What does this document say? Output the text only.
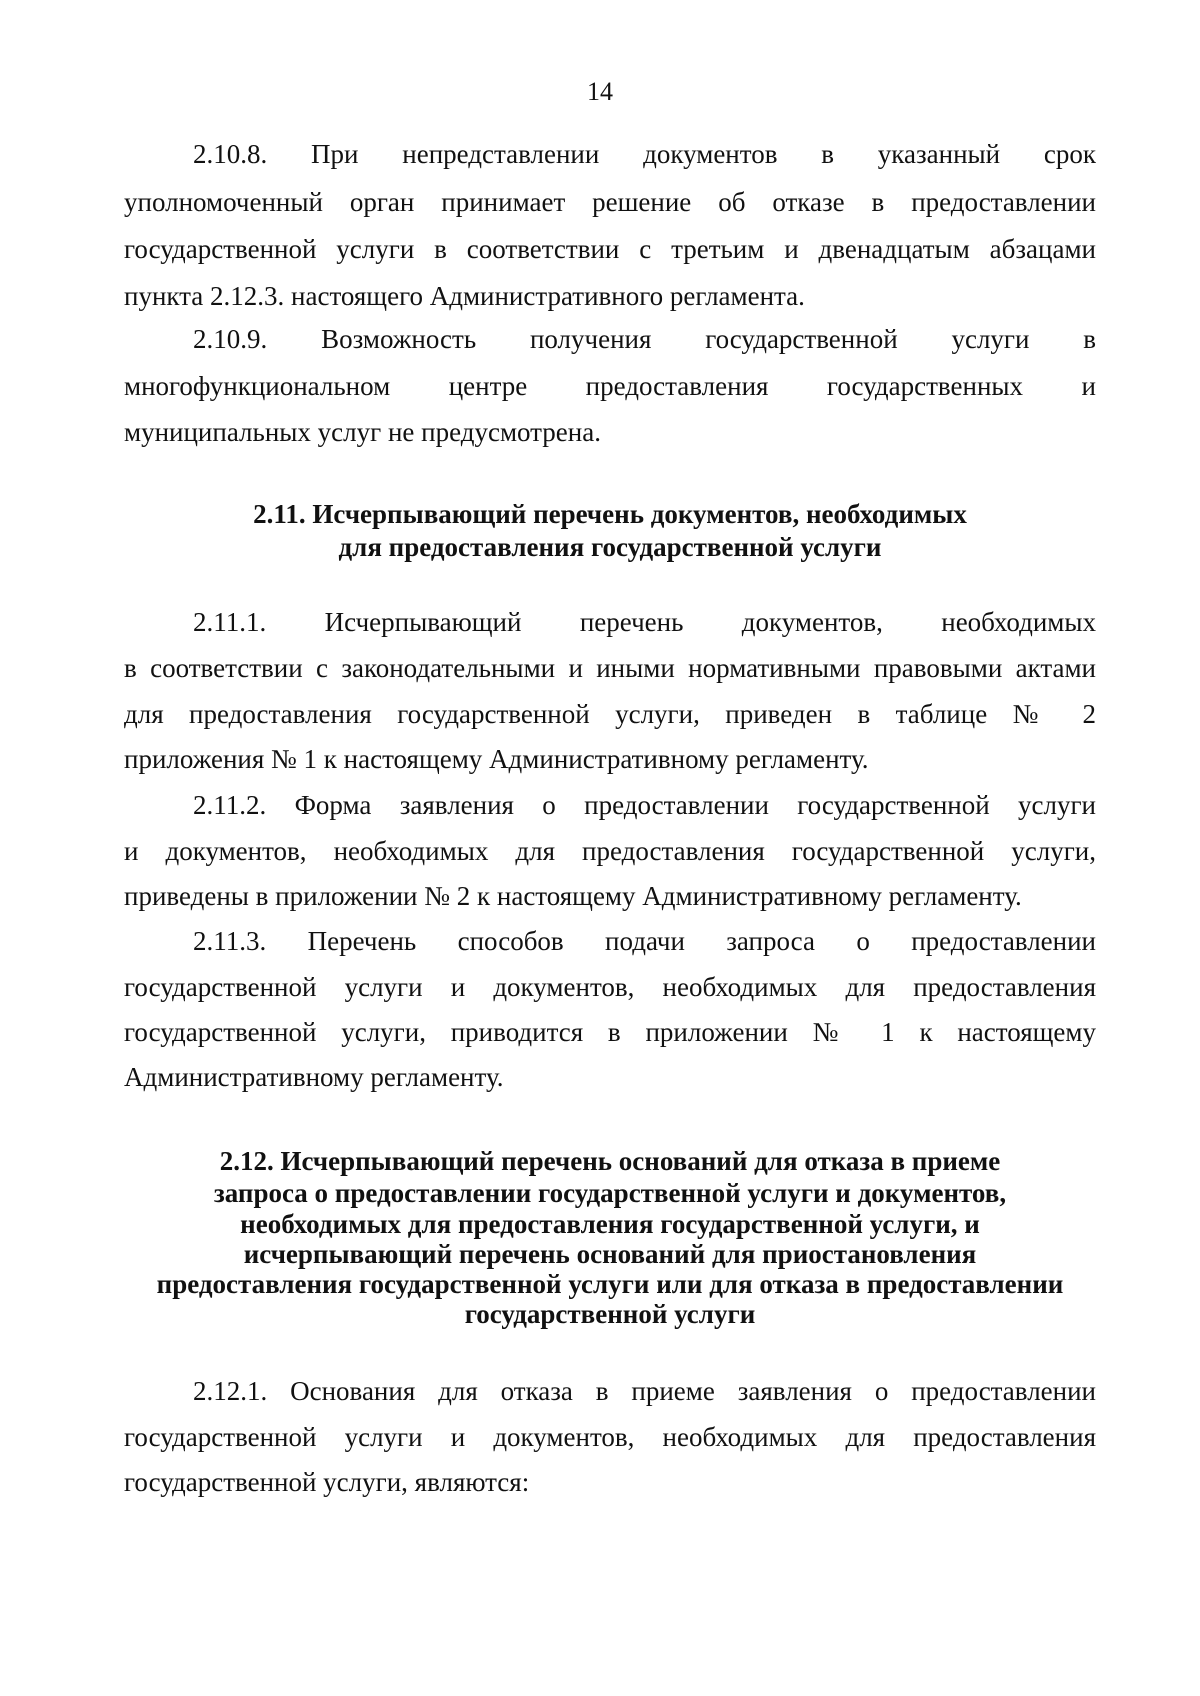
14
2.10.8. При непредставлении документов в указанный срок
уполномоченный орган принимает решение об отказе в предоставлении
государственной услуги в соответствии с третьим и двенадцатым абзацами
пункта 2.12.3. настоящего Административного регламента.
2.10.9. Возможность получения государственной услуги в
многофункциональном центре предоставления государственных и
муниципальных услуг не предусмотрена.
2.11. Исчерпывающий перечень документов, необходимых
для предоставления государственной услуги
2.11.1. Исчерпывающий перечень документов, необходимых
в соответствии с законодательными и иными нормативными правовыми актами
для предоставления государственной услуги, приведен в таблице № 2
приложения № 1 к настоящему Административному регламенту.
2.11.2. Форма заявления о предоставлении государственной услуги
и документов, необходимых для предоставления государственной услуги,
приведены в приложении № 2 к настоящему Административному регламенту.
2.11.3. Перечень способов подачи запроса о предоставлении
государственной услуги и документов, необходимых для предоставления
государственной услуги, приводится в приложении № 1 к настоящему
Административному регламенту.
2.12. Исчерпывающий перечень оснований для отказа в приеме
запроса о предоставлении государственной услуги и документов,
необходимых для предоставления государственной услуги, и
исчерпывающий перечень оснований для приостановления
предоставления государственной услуги или для отказа в предоставлении
государственной услуги
2.12.1. Основания для отказа в приеме заявления о предоставлении
государственной услуги и документов, необходимых для предоставления
государственной услуги, являются:
